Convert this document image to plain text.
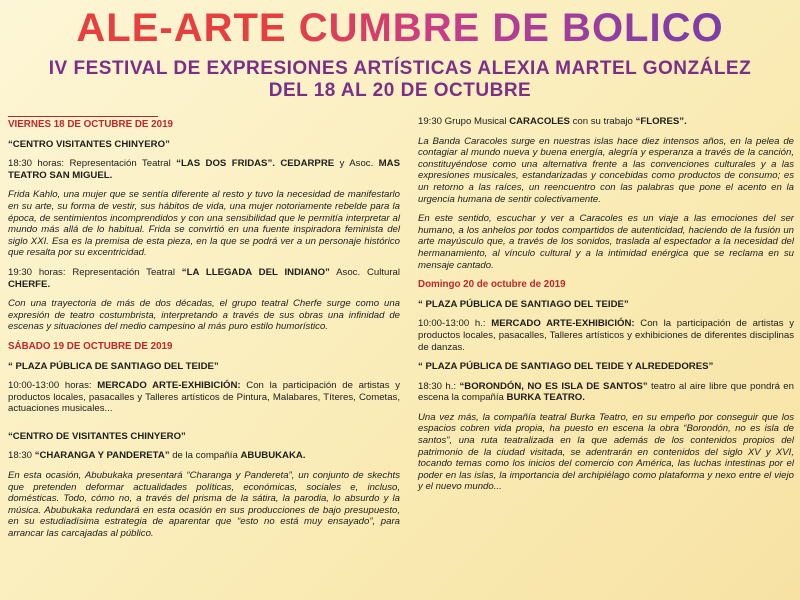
ALE-ARTE CUMBRE DE BOLICO
IV FESTIVAL DE EXPRESIONES ARTÍSTICAS ALEXIA MARTEL GONZÁLEZ
DEL 18 AL 20 DE OCTUBRE

VIERNES 18 DE OCTUBRE DE 2019

“CENTRO VISITANTES CHINYERO”

18:30 horas: Representación Teatral “LAS DOS FRIDAS”. CEDARPRE y Asoc. MAS TEATRO SAN MIGUEL.

Frida Kahlo, una mujer que se sentía diferente al resto y tuvo la necesidad de manifestarlo en su arte, su forma de vestir, sus hábitos de vida, una mujer notoriamente rebelde para la época, de sentimientos incomprendidos y con una sensibilidad que le permitía interpretar al mundo más allá de lo habitual. Frida se convirtió en una fuente inspiradora feminista del siglo XXI. Esa es la premisa de esta pieza, en la que se podrá ver a un personaje histórico que resalta por su excentricidad.

19:30 horas: Representación Teatral “LA LLEGADA DEL INDIANO” Asoc. Cultural CHERFE.

Con una trayectoria de más de dos décadas, el grupo teatral Cherfe surge como una expresión de teatro costumbrista, interpretando a través de sus obras una infinidad de escenas y situaciones del medio campesino al más puro estilo humorístico.

SÁBADO 19 DE OCTUBRE DE 2019

“ PLAZA PÚBLICA DE SANTIAGO DEL TEIDE”

10:00-13:00 horas: MERCADO ARTE-EXHIBICIÓN: Con la participación de artistas y productos locales, pasacalles y Talleres artísticos de Pintura, Malabares, Títeres, Cometas, actuaciones musicales...

“CENTRO DE VISITANTES CHINYERO”

18:30 “CHARANGA Y PANDERETA” de la compañía ABUBUKAKA.

En esta ocasión, Abubukaka presentará “Charanga y Pandereta”, un conjunto de skechts que pretenden deformar actualidades políticas, económicas, sociales e, incluso, domésticas. Todo, cómo no, a través del prisma de la sátira, la parodia, lo absurdo y la música. Abubukaka redundará en esta ocasión en sus producciones de bajo presupuesto, en su estudiadísima estrategia de aparentar que “esto no está muy ensayado”, para arrancar las carcajadas al público.

19:30 Grupo Musical CARACOLES con su trabajo “FLORES”.

La Banda Caracoles surge en nuestras islas hace diez intensos años, en la pelea de contagiar al mundo nueva y buena energía, alegría y esperanza a través de la canción, constituyéndose como una alternativa frente a las convenciones culturales y a las expresiones musicales, estandarizadas y concebidas como productos de consumo; es un retorno a las raíces, un reencuentro con las palabras que pone el acento en la urgencia humana de sentir colectivamente.

En este sentido, escuchar y ver a Caracoles es un viaje a las emociones del ser humano, a los anhelos por todos compartidos de autenticidad, haciendo de la fusión un arte mayúsculo que, a través de los sonidos, traslada al espectador a la necesidad del hermanamiento, al vínculo cultural y a la intimidad enérgica que se reclama en su mensaje cantado.

Domingo 20 de octubre de 2019

“ PLAZA PÚBLICA DE SANTIAGO DEL TEIDE”

10:00-13:00 h.: MERCADO ARTE-EXHIBICIÓN: Con la participación de artistas y productos locales, pasacalles, Talleres artísticos y exhibiciones de diferentes disciplinas de danzas.

“ PLAZA PÚBLICA DE SANTIAGO DEL TEIDE Y ALREDEDORES”

18:30 h.: “BORONDÓN, NO ES ISLA DE SANTOS” teatro al aire libre que pondrá en escena la compañía BURKA TEATRO.

Una vez más, la compañía teatral Burka Teatro, en su empeño por conseguir que los espacios cobren vida propia, ha puesto en escena la obra “Borondón, no es isla de santos”, una ruta teatralizada en la que además de los contenidos propios del patrimonio de la ciudad visitada, se adentrarán en contenidos del siglo XV y XVI, tocando temas como los inicios del comercio con América, las luchas intestinas por el poder en las islas, la importancia del archipiélago como plataforma y nexo entre el viejo y el nuevo mundo...
